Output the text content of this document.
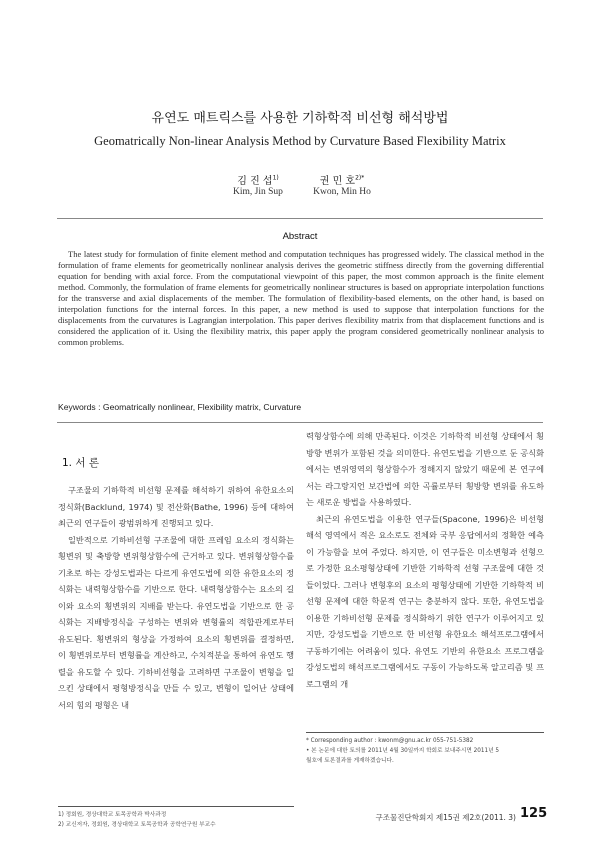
유연도 매트릭스를 사용한 기하학적 비선형 해석방법
Geomatrically Non-linear Analysis Method by Curvature Based Flexibility Matrix
김 진 섭$^{1)}$	권 민 호$^{2)*}$
Kim, Jin Sup	Kwon, Min Ho
Abstract

The latest study for formulation of finite element method and computation techniques has progressed widely. The classical method in the formulation of frame elements for geometrically nonlinear analysis derives the geometric stiffness directly from the governing differential equation for bending with axial force. From the computational viewpoint of this paper, the most common approach is the finite element method. Commonly, the formulation of frame elements for geometrically nonlinear structures is based on appropriate interpolation functions for the transverse and axial displacements of the member. The formulation of flexibility-based elements, on the other hand, is based on interpolation functions for the internal forces. In this paper, a new method is used to suppose that interpolation functions for the displacements from the curvatures is Lagrangian interpolation. This paper derives flexibility matrix from that displacement functions and is considered the application of it. Using the flexibility matrix, this paper apply the program considered geometrically nonlinear analysis to common problems.

Keywords : Geomatrically nonlinear, Flexibility matrix, Curvature
1. 서 론

구조물의 기하학적 비선형 문제를 해석하기 위하여 유한요소의 정식화(Backlund, 1974) 및 전산화(Bathe, 1996) 등에 대하여 최근의 연구들이 광범위하게 진행되고 있다.

일반적으로 기하비선형 구조물에 대한 프레임 요소의 정식화는 횡변위 및 축방향 변위형상함수에 근거하고 있다. 변위형상함수를 기초로 하는 강성도법과는 다르게 유연도법에 의한 유한요소의 정식화는 내력형상함수를 기반으로 한다. 내력형상함수는 요소의 길이와 요소의 횡변위의 지배를 받는다. 유연도법을 기반으로 한 공식화는 지배방정식을 구성하는 변위와 변형률의 적합관계로부터 유도된다. 횡변위의 형상을 가정하여 요소의 횡변위를 결정하면, 이 횡변위로부터 변형률을 계산하고, 수치적분을 통하여 유연도 행렬을 유도할 수 있다. 기하비선형을 고려하면 구조물이 변형을 일으킨 상태에서 평형방정식을 만들 수 있고, 변형이 일어난 상태에서의 힘의 평형은 내

력형상함수에 의해 만족된다. 이것은 기하학적 비선형 상태에서 횡방향 변위가 포함된 것을 의미한다. 유연도법을 기반으로 둔 공식화에서는 변위영역의 형상함수가 정해지지 않았기 때문에 본 연구에서는 라그랑지언 보간법에 의한 곡률로부터 횡방향 변위를 유도하는 새로운 방법을 사용하였다.

최근의 유연도법을 이용한 연구들(Spacone, 1996)은 비선형 해석 영역에서 적은 요소로도 전체와 국부 응답에서의 정확한 예측이 가능함을 보여 주었다. 하지만, 이 연구들은 미소변형과 선형으로 가정한 요소평형상태에 기반한 기하학적 선형 구조물에 대한 것들이었다. 그러나 변형후의 요소의 평형상태에 기반한 기하학적 비선형 문제에 대한 학문적 연구는 충분하지 않다. 또한, 유연도법을 이용한 기하비선형 문제를 정식화하기 위한 연구가 이루어지고 있지만, 강성도법을 기반으로 한 비선형 유한요소 해석프로그램에서 구동하기에는 어려움이 있다. 유연도 기반의 유한요소 프로그램을 강성도법의 해석프로그램에서도 구동이 가능하도록 알고리즘 및 프로그램의 개

1) 정회원, 경상대학교 토목공학과 박사과정
2) 교신저자, 정회원, 경상대학교 토목공학과 공학연구원 부교수
* Corresponding author : kwonm@gnu.ac.kr 055-751-5382
• 본 논문에 대한 토의를 2011년 4월 30일까지 학회로 보내주시면 2011년 5
월호에 토론결과를 게재하겠습니다.
구조물진단학회지 제15권 제2호(2011. 3) 125
